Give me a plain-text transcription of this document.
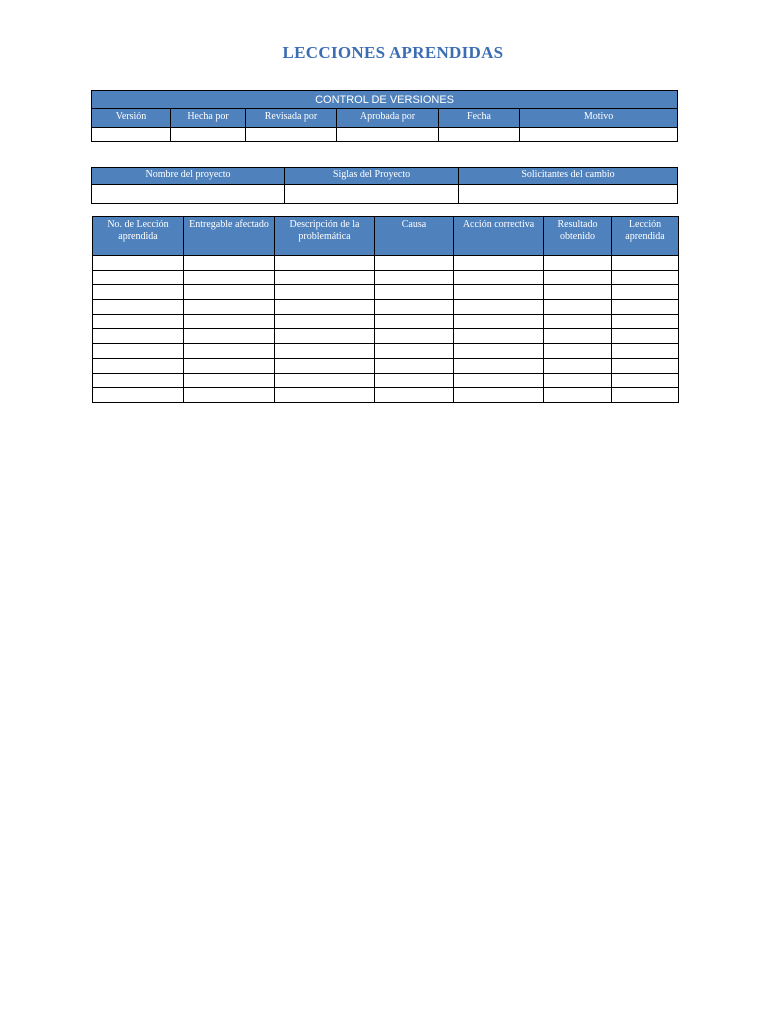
LECCIONES APRENDIDAS
CONTROL DE VERSIONES					
Versión	Hecha por	Revisada por	Aprobada por	Fecha	Motivo

Nombre del proyecto	Siglas del Proyecto	Solicitantes del cambio

No. de Lección aprendida	Entregable afectado	Descripción de la problemática	Causa	Acción correctiva	Resultado obtenido	Lección aprendida
